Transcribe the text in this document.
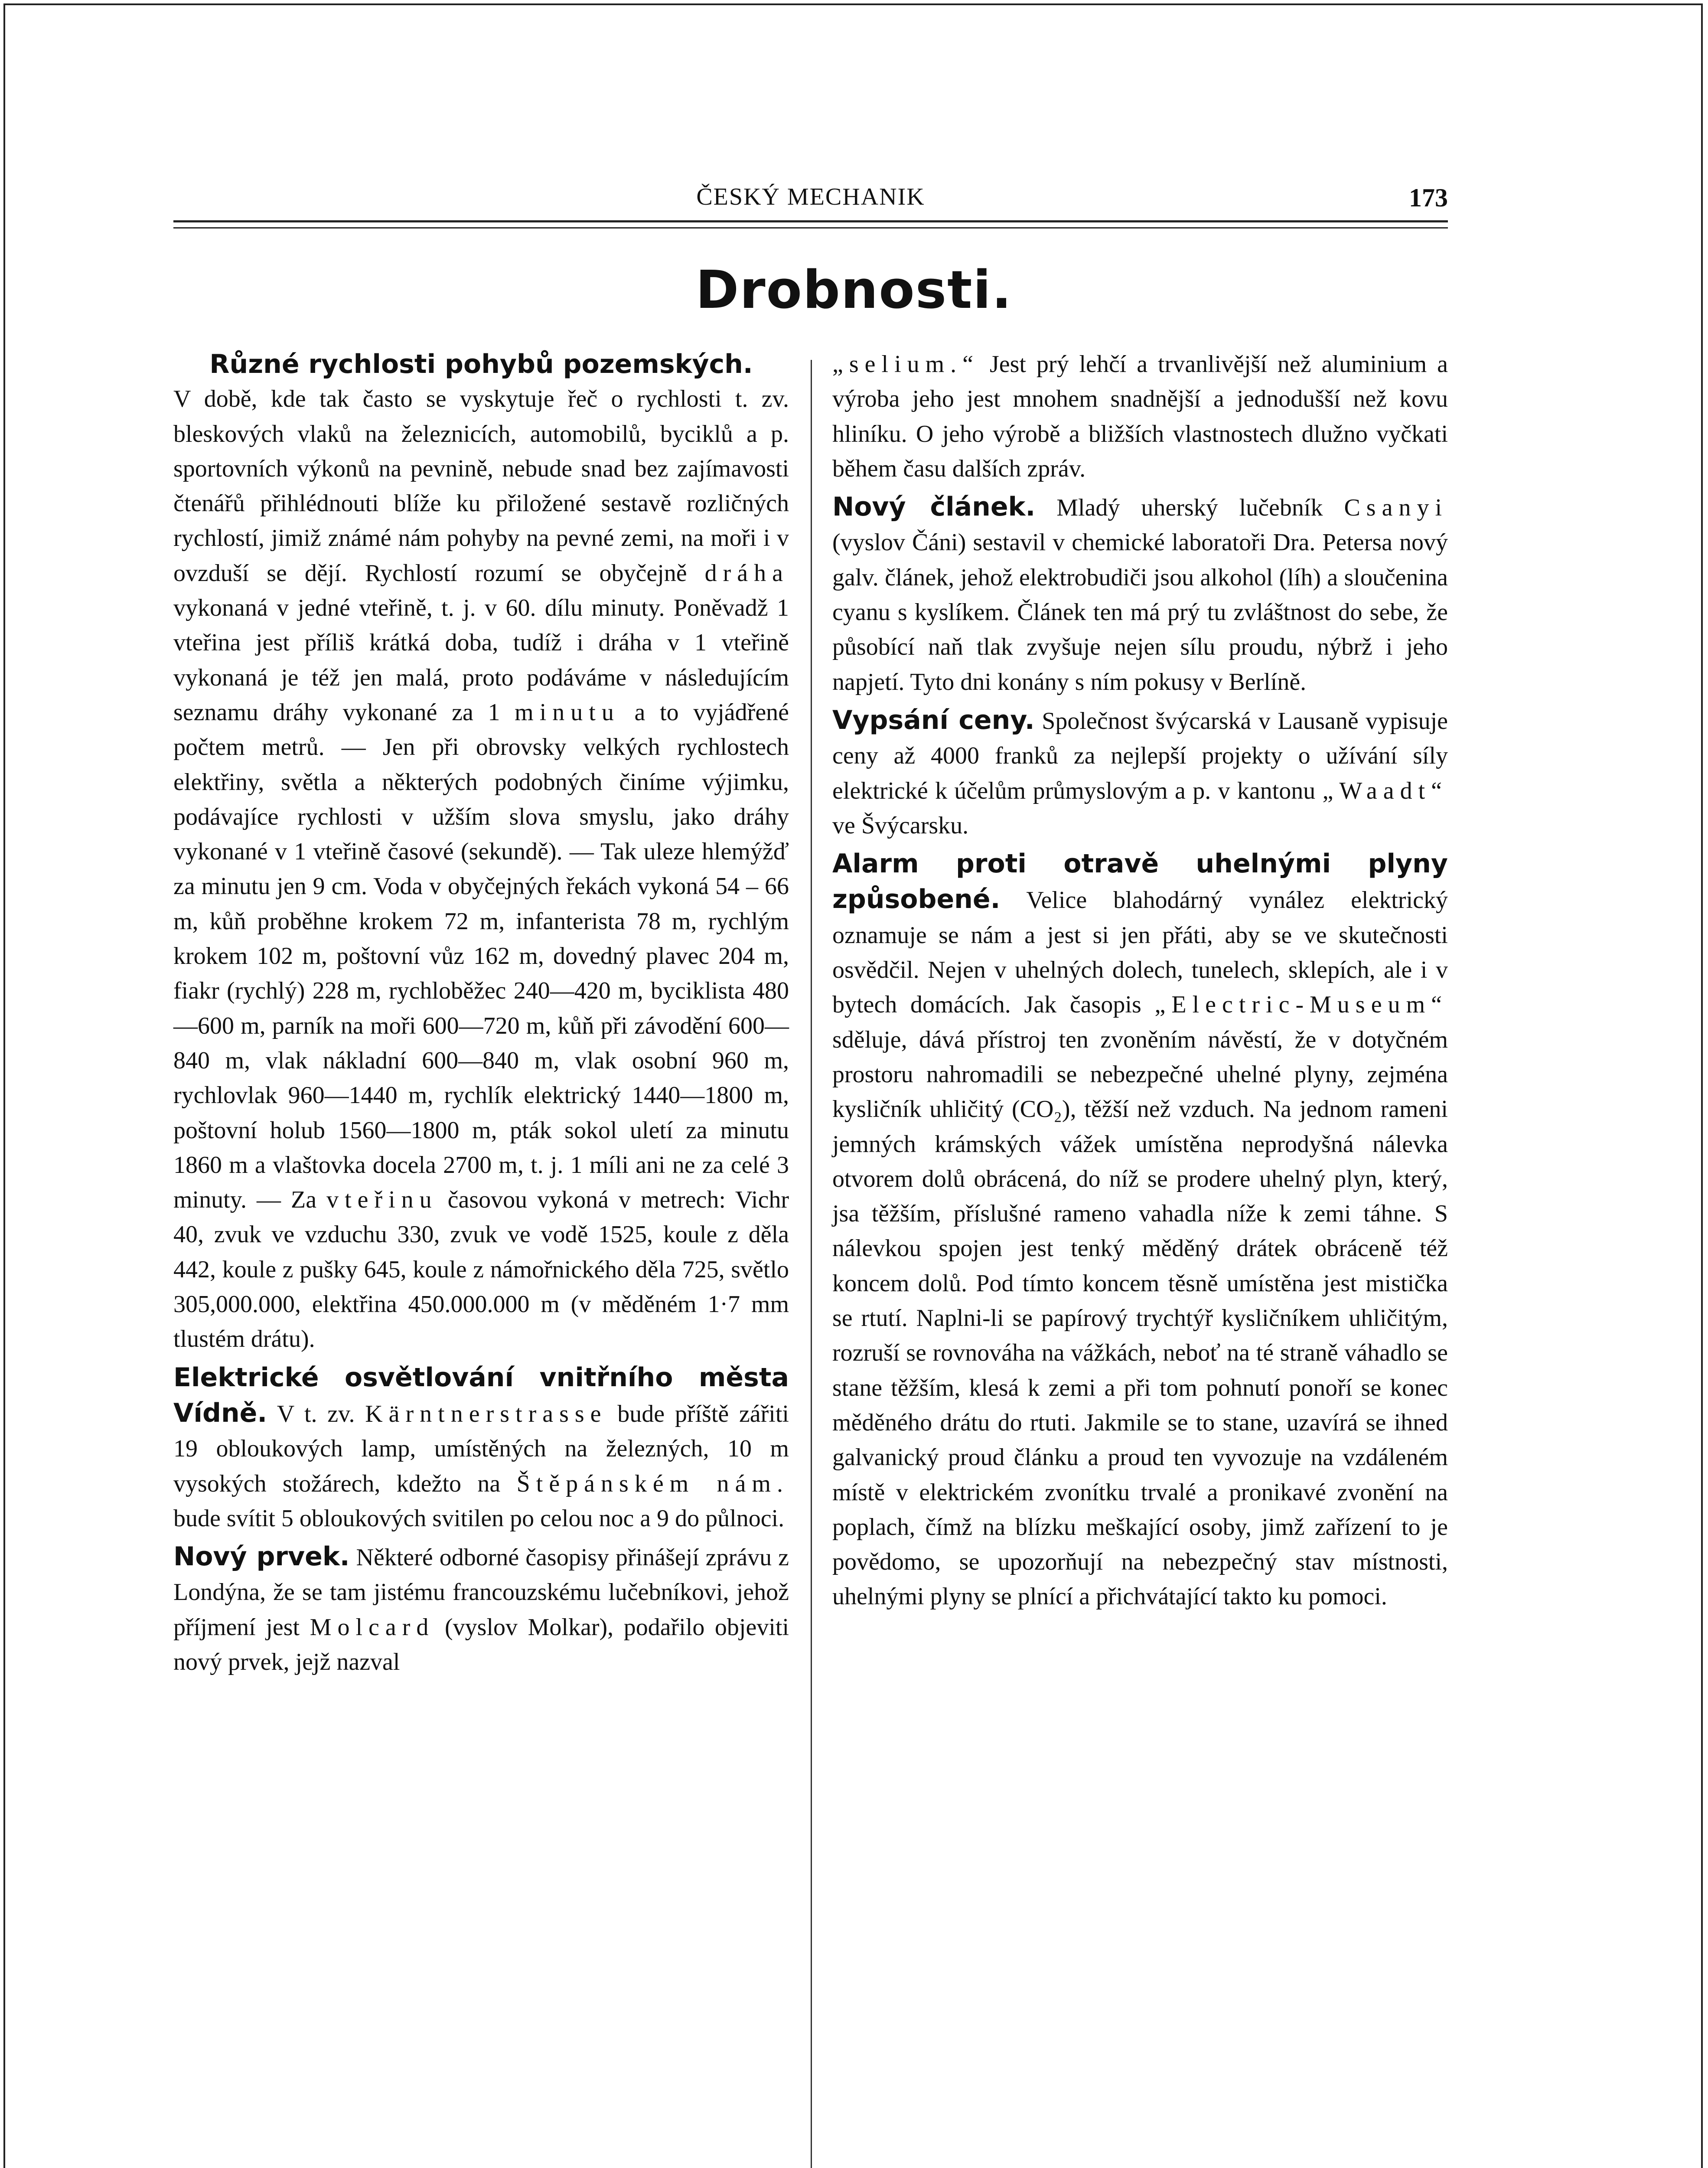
ČESKÝ MECHANIK	173
Drobnosti.

Různé rychlosti pohybů pozemských.
V době, kde tak často se vyskytuje řeč o rychlosti t. zv. bleskových vlaků na železnicích, automobilů, byciklů a p. sportovních výkonů na pevnině, nebude snad bez zajímavosti čtenářů přihlédnouti blíže ku přiložené sestavě rozličných rychlostí, jimiž známé nám pohyby na pevné zemi, na moři i v ovzduší se dějí. Rychlostí rozumí se obyčejně dráha vykonaná v jedné vteřině, t. j. v 60. dílu minuty. Poněvadž 1 vteřina jest příliš krátká doba, tudíž i dráha v 1 vteřině vykonaná je též jen malá, proto podáváme v následujícím seznamu dráhy vykonané za 1 minutu a to vyjádřené počtem metrů. — Jen při obrovsky velkých rychlostech elektřiny, světla a některých podobných činíme výjimku, podávajíce rychlosti v užším slova smyslu, jako dráhy vykonané v 1 vteřině časové (sekundě). — Tak uleze hlemýžď za minutu jen 9 cm. Voda v obyčejných řekách vykoná 54 – 66 m, kůň proběhne krokem 72 m, infanterista 78 m, rychlým krokem 102 m, poštovní vůz 162 m, dovedný plavec 204 m, fiakr (rychlý) 228 m, rychloběžec 240—420 m, byciklista 480—600 m, parník na moři 600—720 m, kůň při závodění 600—840 m, vlak nákladní 600—840 m, vlak osobní 960 m, rychlovlak 960—1440 m, rychlík elektrický 1440—1800 m, poštovní holub 1560—1800 m, pták sokol uletí za minutu 1860 m a vlaštovka docela 2700 m, t. j. 1 míli ani ne za celé 3 minuty. — Za vteřinu časovou vykoná v metrech: Vichr 40, zvuk ve vzduchu 330, zvuk ve vodě 1525, koule z děla 442, koule z pušky 645, koule z námořnického děla 725, světlo 305,000.000, elektřina 450.000.000 m (v měděném 1·7 mm tlustém drátu).

Elektrické osvětlování vnitřního města Vídně. V t. zv. Kärntnerstrasse bude příště zářiti 19 obloukových lamp, umístěných na železných, 10 m vysokých stožárech, kdežto na Štěpánském nám. bude svítit 5 obloukových svitilen po celou noc a 9 do půlnoci.

Nový prvek. Některé odborné časopisy přinášejí zprávu z Londýna, že se tam jistému francouzskému lučebníkovi, jehož příjmení jest Molcard (vyslov Molkar), podařilo objeviti nový prvek, jejž nazval

„selium.“ Jest prý lehčí a trvanlivější než aluminium a výroba jeho jest mnohem snadnější a jednodušší než kovu hliníku. O jeho výrobě a bližších vlastnostech dlužno vyčkati během času dalších zpráv.

Nový článek. Mladý uherský lučebník Csanyi (vyslov Čáni) sestavil v chemické laboratoři Dra. Petersa nový galv. článek, jehož elektrobudiči jsou alkohol (líh) a sloučenina cyanu s kyslíkem. Článek ten má prý tu zvláštnost do sebe, že působící naň tlak zvyšuje nejen sílu proudu, nýbrž i jeho napjetí. Tyto dni konány s ním pokusy v Berlíně.

Vypsání ceny. Společnost švýcarská v Lausaně vypisuje ceny až 4000 franků za nejlepší projekty o užívání síly elektrické k účelům průmyslovým a p. v kantonu „Waadt“ ve Švýcarsku.

Alarm proti otravě uhelnými plyny způsobené. Velice blahodárný vynález elektrický oznamuje se nám a jest si jen přáti, aby se ve skutečnosti osvědčil. Nejen v uhelných dolech, tunelech, sklepích, ale i v bytech domácích. Jak časopis „Electric-Museum“ sděluje, dává přístroj ten zvoněním návěstí, že v dotyčném prostoru nahromadili se nebezpečné uhelné plyny, zejména kysličník uhličitý (CO₂), těžší než vzduch. Na jednom rameni jemných krámských vážek umístěna neprodyšná nálevka otvorem dolů obrácená, do níž se prodere uhelný plyn, který, jsa těžším, příslušné rameno vahadla níže k zemi táhne. S nálevkou spojen jest tenký měděný drátek obráceně též koncem dolů. Pod tímto koncem těsně umístěna jest mistička se rtutí. Naplni-li se papírový trychtýř kysličníkem uhličitým, rozruší se rovnováha na vážkách, neboť na té straně váhadlo se stane těžším, klesá k zemi a při tom pohnutí ponoří se konec měděného drátu do rtuti. Jakmile se to stane, uzavírá se ihned galvanický proud článku a proud ten vyvozuje na vzdáleném místě v elektrickém zvonítku trvalé a pronikavé zvonění na poplach, čímž na blízku meškající osoby, jimž zařízení to je povědomo, se upozorňují na nebezpečný stav místnosti, uhelnými plyny se plnící a přichvátající takto ku pomoci.
